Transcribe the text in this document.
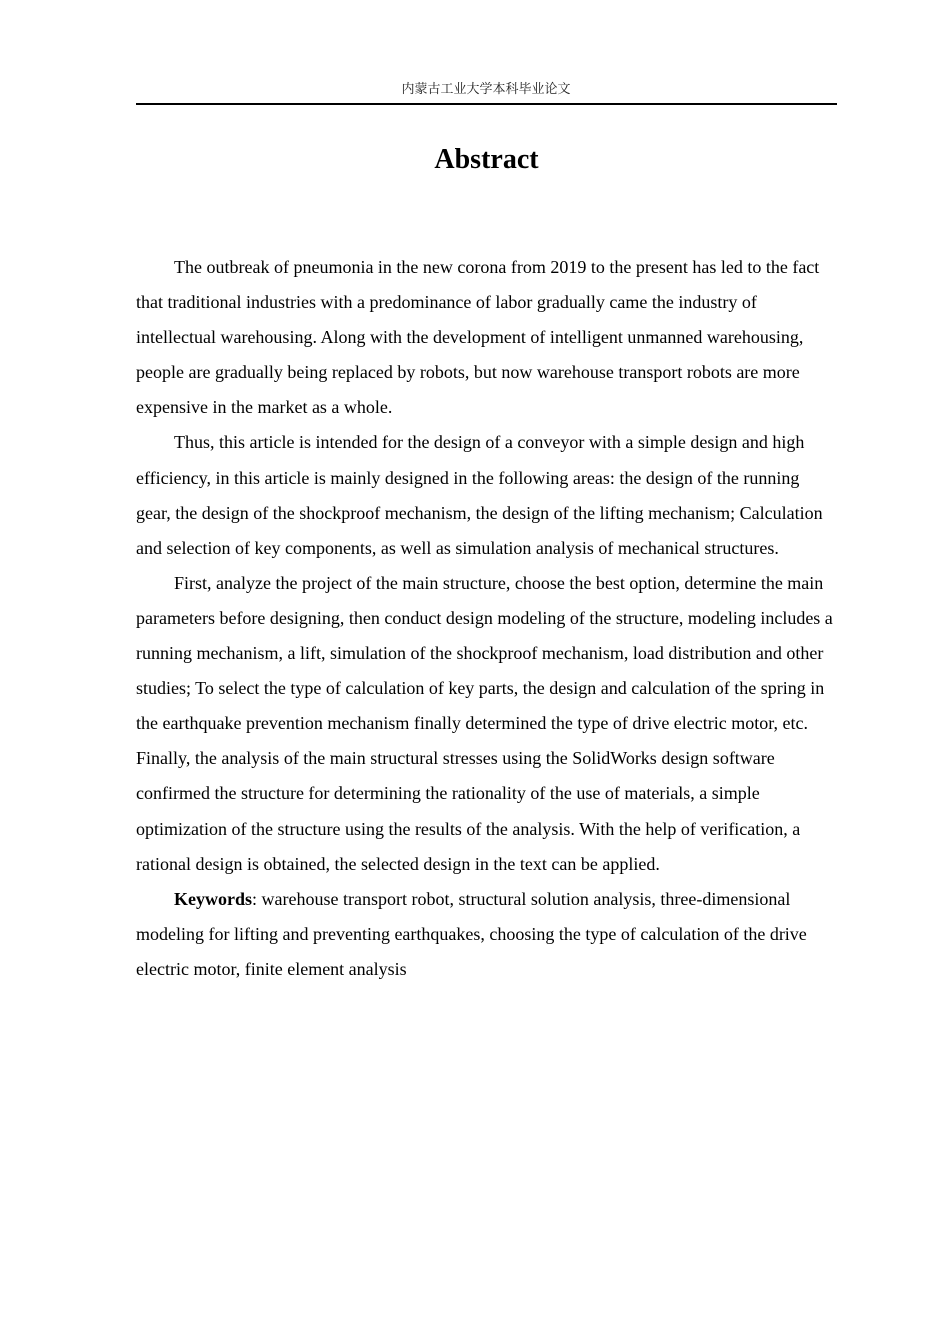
内蒙古工业大学本科毕业论文
Abstract

The outbreak of pneumonia in the new corona from 2019 to the present has led to the fact that traditional industries with a predominance of labor gradually came the industry of intellectual warehousing. Along with the development of intelligent unmanned warehousing, people are gradually being replaced by robots, but now warehouse transport robots are more expensive in the market as a whole.

Thus, this article is intended for the design of a conveyor with a simple design and high efficiency, in this article is mainly designed in the following areas: the design of the running gear, the design of the shockproof mechanism, the design of the lifting mechanism; Calculation and selection of key components, as well as simulation analysis of mechanical structures.

First, analyze the project of the main structure, choose the best option, determine the main parameters before designing, then conduct design modeling of the structure, modeling includes a running mechanism, a lift, simulation of the shockproof mechanism, load distribution and other studies; To select the type of calculation of key parts, the design and calculation of the spring in the earthquake prevention mechanism finally determined the type of drive electric motor, etc. Finally, the analysis of the main structural stresses using the SolidWorks design software confirmed the structure for determining the rationality of the use of materials, a simple optimization of the structure using the results of the analysis. With the help of verification, a rational design is obtained, the selected design in the text can be applied.

Keywords: warehouse transport robot, structural solution analysis, three-dimensional modeling for lifting and preventing earthquakes, choosing the type of calculation of the drive electric motor, finite element analysis
